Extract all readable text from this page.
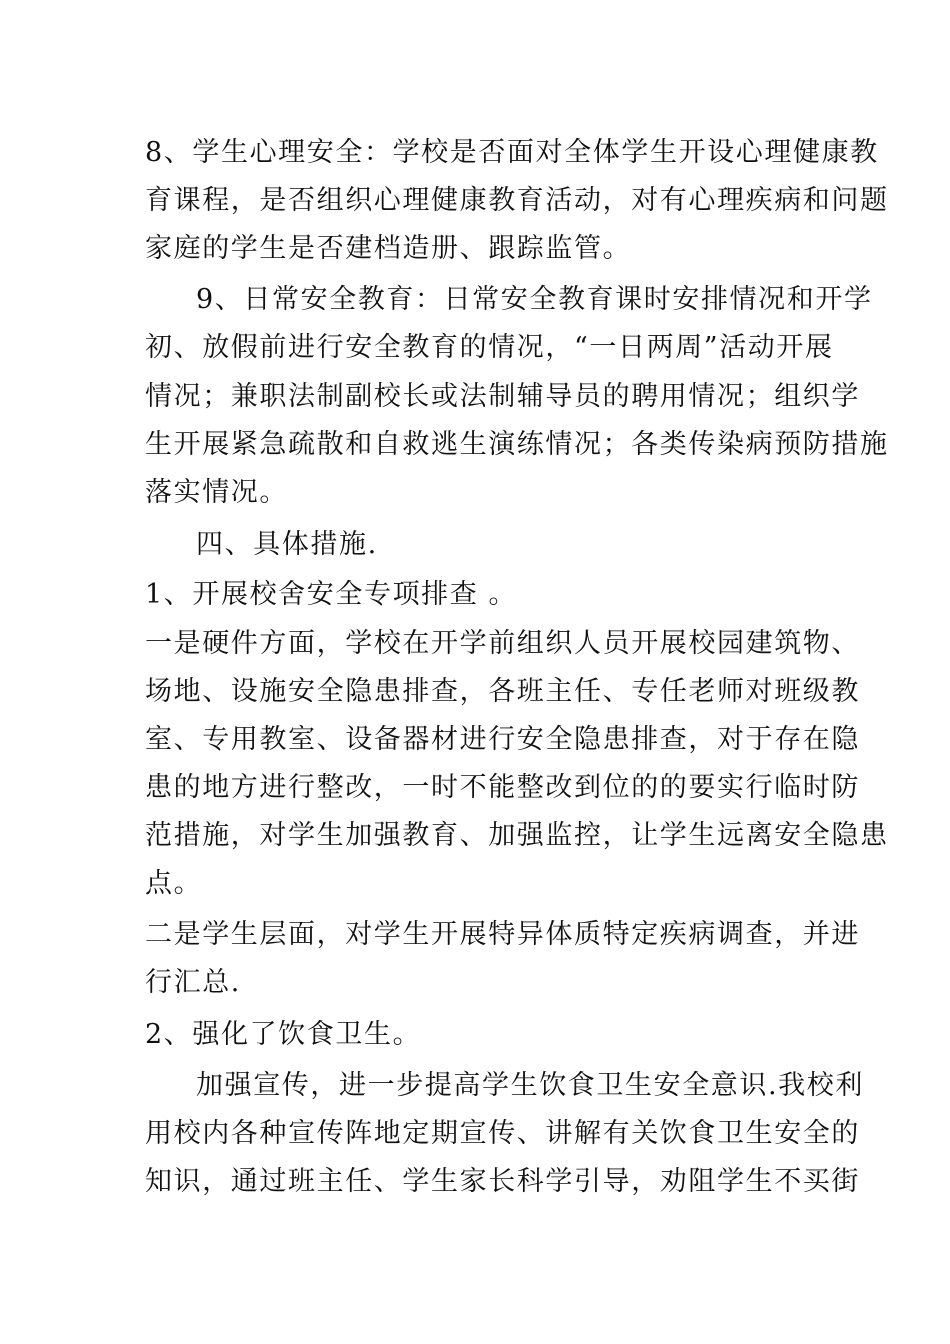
8、学生心理安全：学校是否面对全体学生开设心理健康教
育课程，是否组织心理健康教育活动，对有心理疾病和问题
家庭的学生是否建档造册、跟踪监管。
9、日常安全教育：日常安全教育课时安排情况和开学
初、放假前进行安全教育的情况，“一日两周”活动开展
情况；兼职法制副校长或法制辅导员的聘用情况；组织学
生开展紧急疏散和自救逃生演练情况；各类传染病预防措施
落实情况。
四、具体措施.
1、开展校舍安全专项排查 。
一是硬件方面，学校在开学前组织人员开展校园建筑物、
场地、设施安全隐患排查，各班主任、专任老师对班级教
室、专用教室、设备器材进行安全隐患排查，对于存在隐
患的地方进行整改，一时不能整改到位的的要实行临时防
范措施，对学生加强教育、加强监控，让学生远离安全隐患
点。
二是学生层面，对学生开展特异体质特定疾病调查，并进
行汇总.
2、强化了饮食卫生。
加强宣传，进一步提高学生饮食卫生安全意识.我校利
用校内各种宣传阵地定期宣传、讲解有关饮食卫生安全的
知识，通过班主任、学生家长科学引导，劝阻学生不买街
